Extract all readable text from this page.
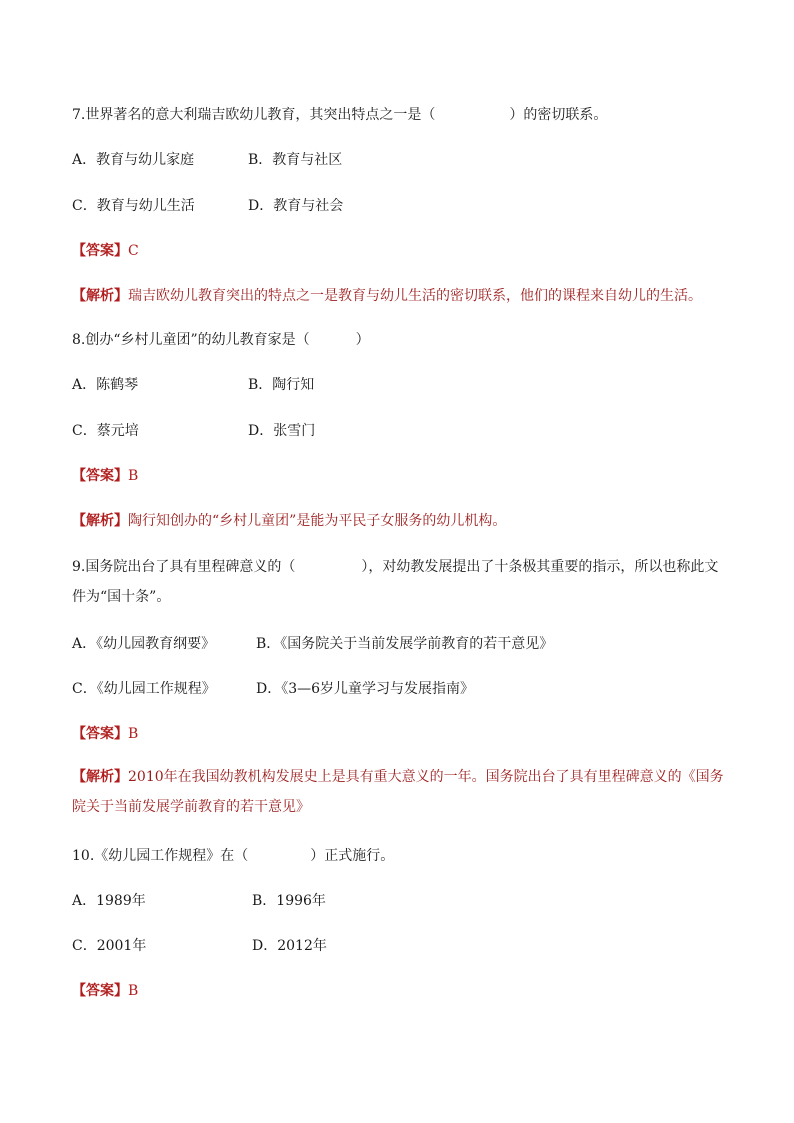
7.世界著名的意大利瑞吉欧幼儿教育，其突出特点之一是（	）的密切联系。
A．教育与幼儿家庭	B．教育与社区
C．教育与幼儿生活	D．教育与社会
【答案】C
【解析】瑞吉欧幼儿教育突出的特点之一是教育与幼儿生活的密切联系，他们的课程来自幼儿的生活。
8.创办“乡村儿童团”的幼儿教育家是（	）
A．陈鹤琴	B．陶行知
C．蔡元培	D．张雪门
【答案】B
【解析】陶行知创办的“乡村儿童团”是能为平民子女服务的幼儿机构。
9.国务院出台了具有里程碑意义的（	），对幼教发展提出了十条极其重要的指示，所以也称此文件为“国十条”。
A．《幼儿园教育纲要》	B．《国务院关于当前发展学前教育的若干意见》
C．《幼儿园工作规程》	D．《3—6岁儿童学习与发展指南》
【答案】B
【解析】2010年在我国幼教机构发展史上是具有重大意义的一年。国务院出台了具有里程碑意义的《国务院关于当前发展学前教育的若干意见》
10.《幼儿园工作规程》在（	）正式施行。
A．1989年	B．1996年
C．2001年	D．2012年
【答案】B
